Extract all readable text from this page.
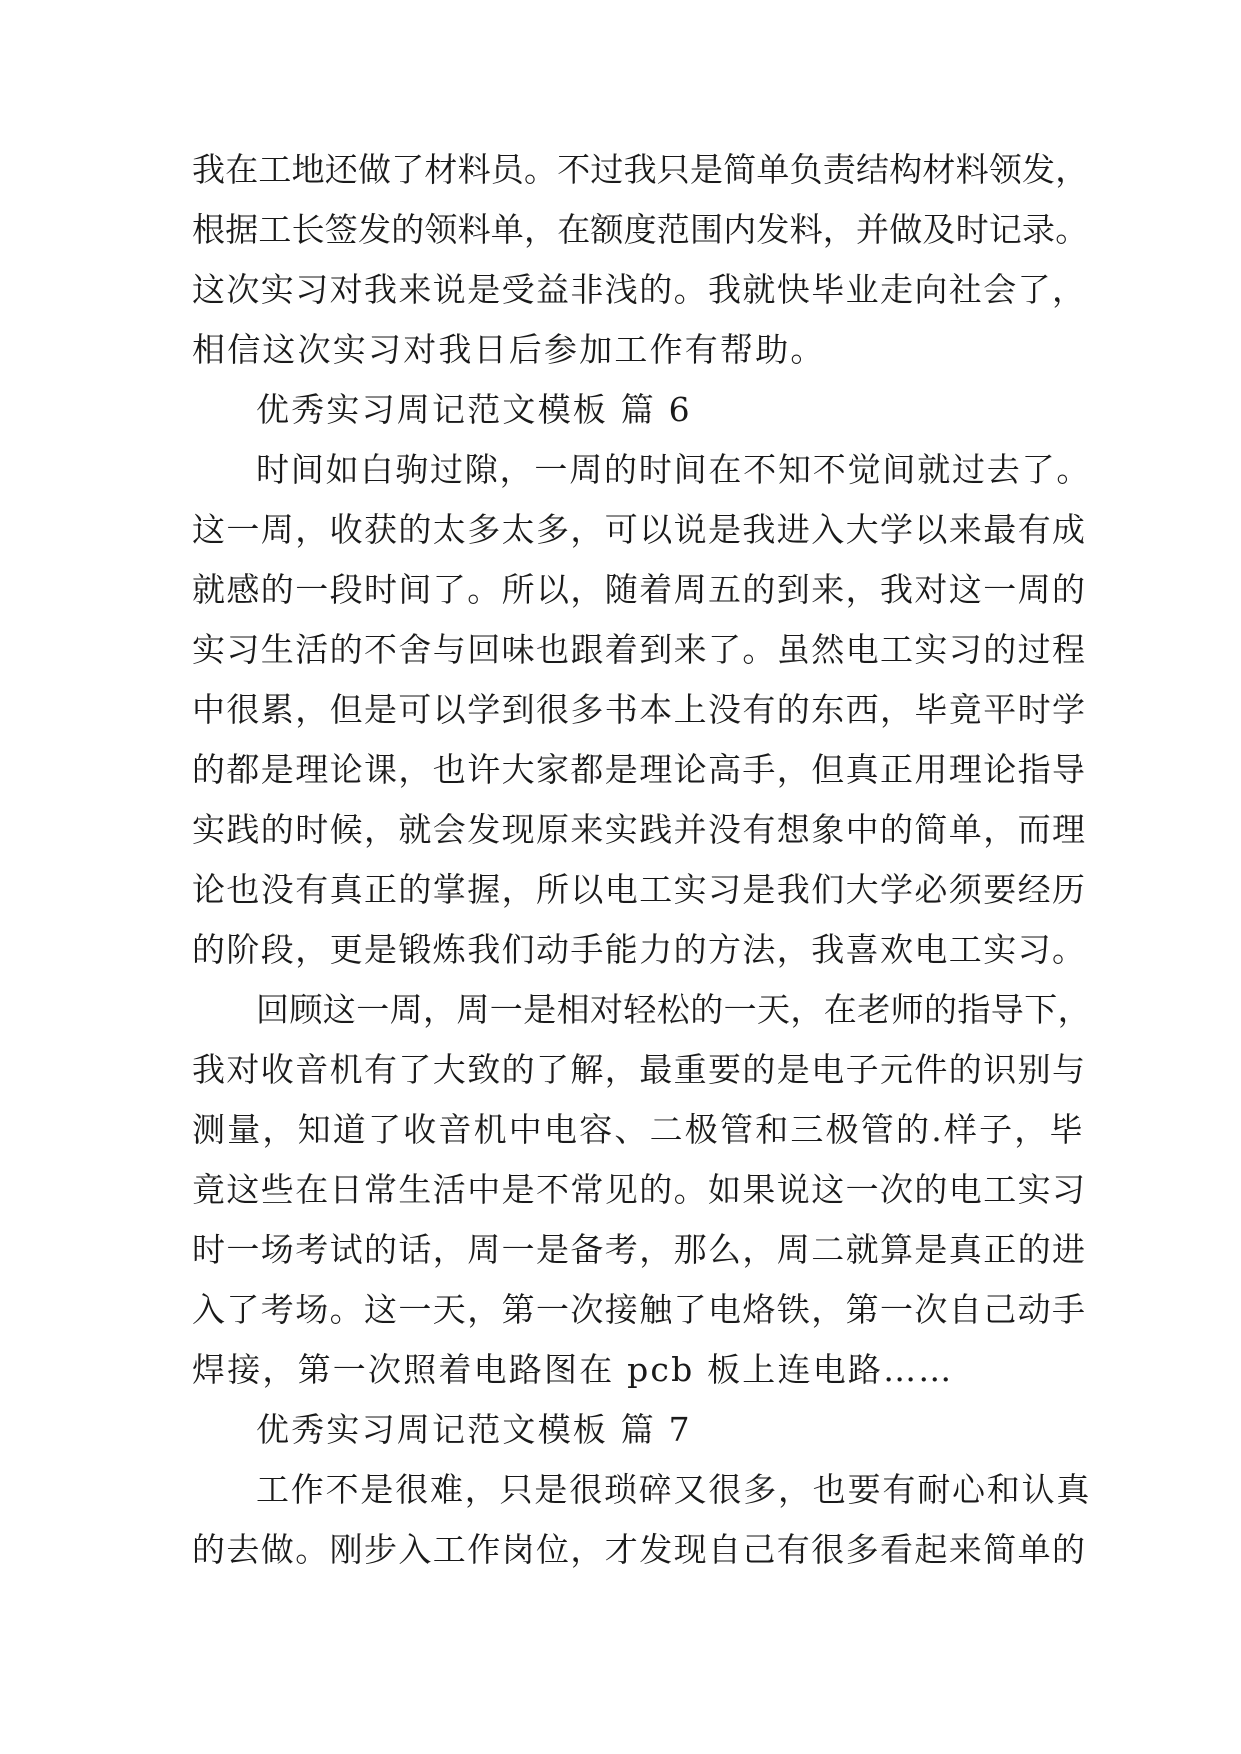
我在工地还做了材料员。不过我只是简单负责结构材料领发，
根据工长签发的领料单，在额度范围内发料，并做及时记录。
这次实习对我来说是受益非浅的。我就快毕业走向社会了，
相信这次实习对我日后参加工作有帮助。
优秀实习周记范文模板 篇 6
时间如白驹过隙，一周的时间在不知不觉间就过去了。
这一周，收获的太多太多，可以说是我进入大学以来最有成
就感的一段时间了。所以，随着周五的到来，我对这一周的
实习生活的不舍与回味也跟着到来了。虽然电工实习的过程
中很累，但是可以学到很多书本上没有的东西，毕竟平时学
的都是理论课，也许大家都是理论高手，但真正用理论指导
实践的时候，就会发现原来实践并没有想象中的简单，而理
论也没有真正的掌握，所以电工实习是我们大学必须要经历
的阶段，更是锻炼我们动手能力的方法，我喜欢电工实习。
回顾这一周，周一是相对轻松的一天，在老师的指导下，
我对收音机有了大致的了解，最重要的是电子元件的识别与
测量，知道了收音机中电容、二极管和三极管的.样子，毕
竟这些在日常生活中是不常见的。如果说这一次的电工实习
时一场考试的话，周一是备考，那么，周二就算是真正的进
入了考场。这一天，第一次接触了电烙铁，第一次自己动手
焊接，第一次照着电路图在 pcb 板上连电路……
优秀实习周记范文模板 篇 7
工作不是很难，只是很琐碎又很多，也要有耐心和认真
的去做。刚步入工作岗位，才发现自己有很多看起来简单的
